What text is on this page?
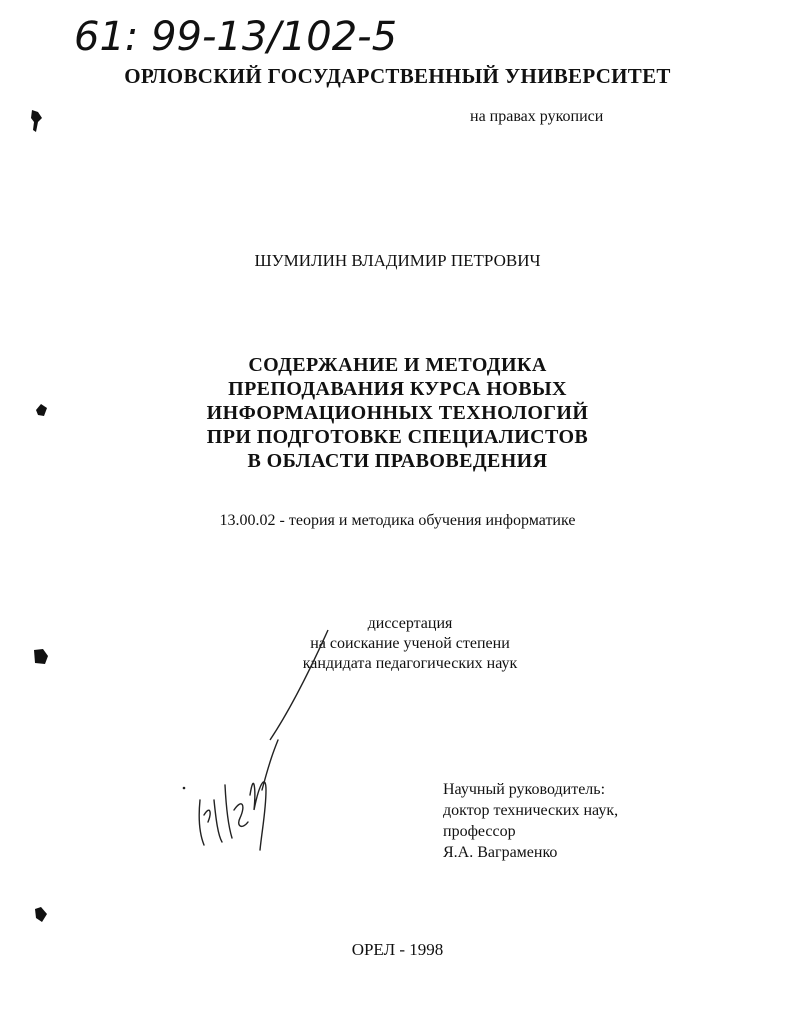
61: 99-13/102-5
ОРЛОВСКИЙ ГОСУДАРСТВЕННЫЙ УНИВЕРСИТЕТ
на правах рукописи
ШУМИЛИН ВЛАДИМИР ПЕТРОВИЧ
СОДЕРЖАНИЕ И МЕТОДИКА
ПРЕПОДАВАНИЯ КУРСА НОВЫХ
ИНФОРМАЦИОННЫХ ТЕХНОЛОГИЙ
ПРИ ПОДГОТОВКЕ СПЕЦИАЛИСТОВ
В ОБЛАСТИ ПРАВОВЕДЕНИЯ
13.00.02 - теория и методика обучения информатике
диссертация
на соискание ученой степени
кандидата педагогических наук
Научный руководитель:
доктор технических наук,
профессор
Я.А. Ваграменко
ОРЕЛ - 1998
